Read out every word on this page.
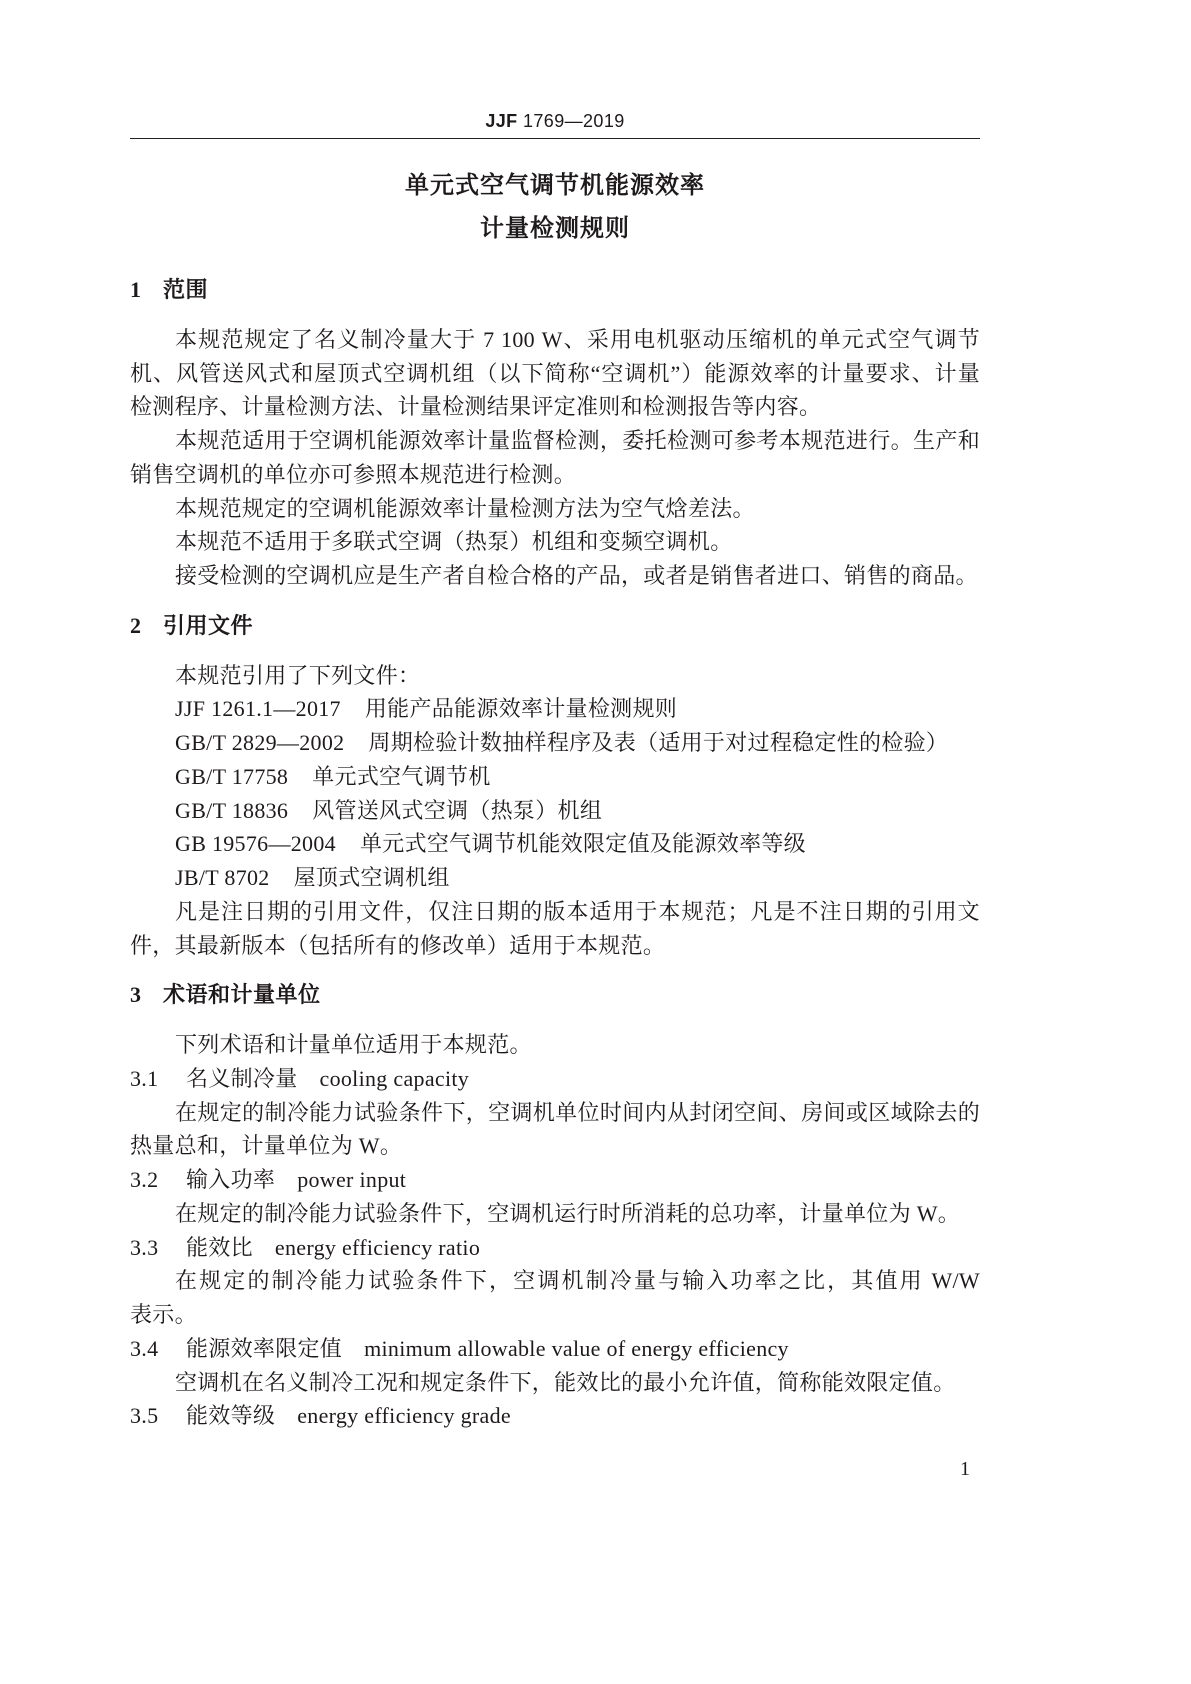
JJF 1769—2019
单元式空气调节机能源效率
计量检测规则
1 范围
本规范规定了名义制冷量大于 7 100 W、采用电机驱动压缩机的单元式空气调节
机、风管送风式和屋顶式空调机组（以下简称“空调机”）能源效率的计量要求、计量
检测程序、计量检测方法、计量检测结果评定准则和检测报告等内容。
本规范适用于空调机能源效率计量监督检测，委托检测可参考本规范进行。生产和
销售空调机的单位亦可参照本规范进行检测。
本规范规定的空调机能源效率计量检测方法为空气焓差法。
本规范不适用于多联式空调（热泵）机组和变频空调机。
接受检测的空调机应是生产者自检合格的产品，或者是销售者进口、销售的商品。
2 引用文件
本规范引用了下列文件：
JJF 1261.1—2017 用能产品能源效率计量检测规则
GB/T 2829—2002 周期检验计数抽样程序及表（适用于对过程稳定性的检验）
GB/T 17758 单元式空气调节机
GB/T 18836 风管送风式空调（热泵）机组
GB 19576—2004 单元式空气调节机能效限定值及能源效率等级
JB/T 8702 屋顶式空调机组
凡是注日期的引用文件，仅注日期的版本适用于本规范；凡是不注日期的引用文
件，其最新版本（包括所有的修改单）适用于本规范。
3 术语和计量单位
下列术语和计量单位适用于本规范。
3.1 名义制冷量 cooling capacity
在规定的制冷能力试验条件下，空调机单位时间内从封闭空间、房间或区域除去的
热量总和，计量单位为 W。
3.2 输入功率 power input
在规定的制冷能力试验条件下，空调机运行时所消耗的总功率，计量单位为 W。
3.3 能效比 energy efficiency ratio
在规定的制冷能力试验条件下，空调机制冷量与输入功率之比，其值用 W/W
表示。
3.4 能源效率限定值 minimum allowable value of energy efficiency
空调机在名义制冷工况和规定条件下，能效比的最小允许值，简称能效限定值。
3.5 能效等级 energy efficiency grade
1
